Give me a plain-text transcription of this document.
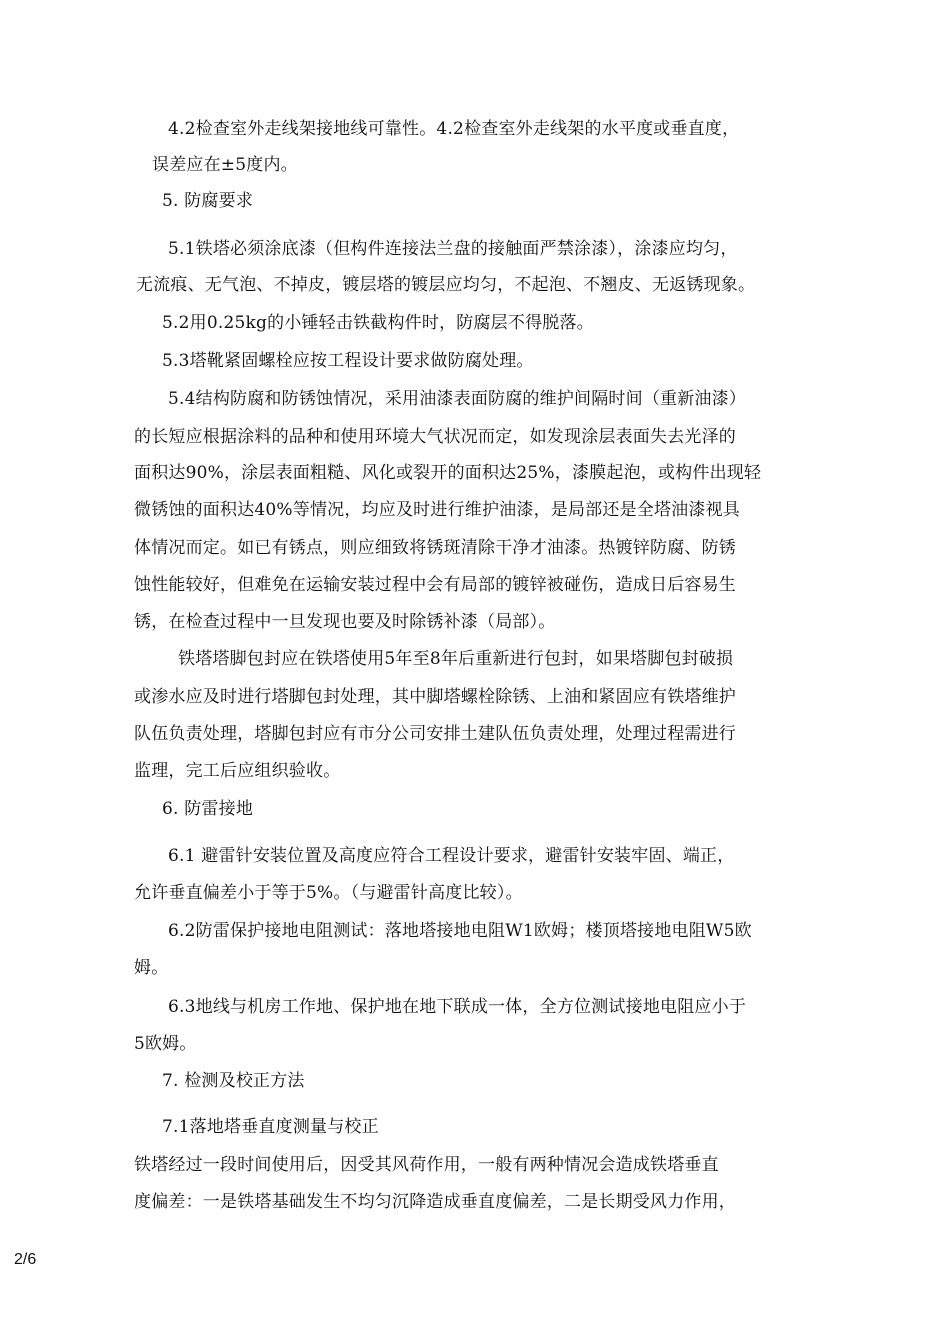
4.2检查室外走线架接地线可靠性。4.2检查室外走线架的水平度或垂直度，
误差应在±5度内。
5. 防腐要求
5.1铁塔必须涂底漆（但构件连接法兰盘的接触面严禁涂漆），涂漆应均匀，
无流痕、无气泡、不掉皮，镀层塔的镀层应均匀，不起泡、不翘皮、无返锈现象。
5.2用0.25kg的小锤轻击铁截构件时，防腐层不得脱落。
5.3塔靴紧固螺栓应按工程设计要求做防腐处理。
5.4结构防腐和防锈蚀情况，采用油漆表面防腐的维护间隔时间（重新油漆）
的长短应根据涂料的品种和使用环境大气状况而定，如发现涂层表面失去光泽的
面积达90%，涂层表面粗糙、风化或裂开的面积达25%，漆膜起泡，或构件出现轻
微锈蚀的面积达40%等情况，均应及时进行维护油漆，是局部还是全塔油漆视具
体情况而定。如已有锈点，则应细致将锈斑清除干净才油漆。热镀锌防腐、防锈
蚀性能较好，但难免在运输安装过程中会有局部的镀锌被碰伤，造成日后容易生
锈，在检查过程中一旦发现也要及时除锈补漆（局部）。
铁塔塔脚包封应在铁塔使用5年至8年后重新进行包封，如果塔脚包封破损
或渗水应及时进行塔脚包封处理，其中脚塔螺栓除锈、上油和紧固应有铁塔维护
队伍负责处理，塔脚包封应有市分公司安排土建队伍负责处理，处理过程需进行
监理，完工后应组织验收。
6. 防雷接地
6.1 避雷针安装位置及高度应符合工程设计要求，避雷针安装牢固、端正，
允许垂直偏差小于等于5%。（与避雷针高度比较）。
6.2防雷保护接地电阻测试：落地塔接地电阻W1欧姆；楼顶塔接地电阻W5欧
姆。
6.3地线与机房工作地、保护地在地下联成一体，全方位测试接地电阻应小于
5欧姆。
7. 检测及校正方法
7.1落地塔垂直度测量与校正
铁塔经过一段时间使用后，因受其风荷作用，一般有两种情况会造成铁塔垂直
度偏差：一是铁塔基础发生不均匀沉降造成垂直度偏差，二是长期受风力作用，
2/6
